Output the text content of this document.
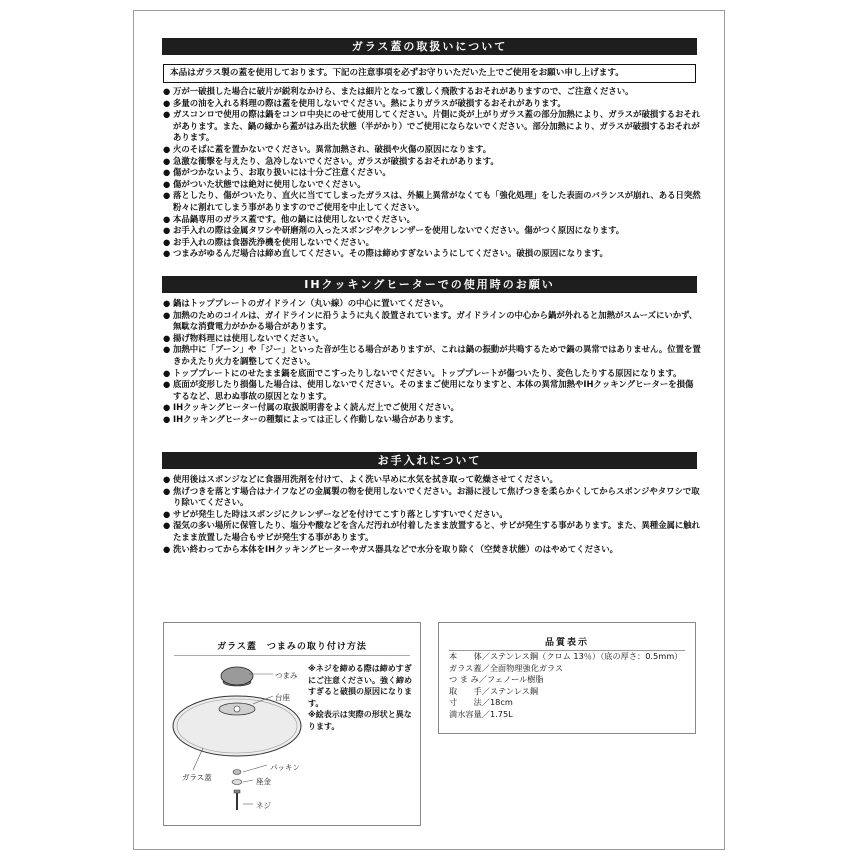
ガラス蓋の取扱いについて
本品はガラス製の蓋を使用しております。下記の注意事項を必ずお守りいただいた上でご使用をお願い申し上げます。
● 万が一破損した場合に破片が鋭利なかけら、または細片となって激しく飛散するおそれがありますので、ご注意ください。
● 多量の油を入れる料理の際は蓋を使用しないでください。熱によりガラスが破損するおそれがあります。
● ガスコンロで使用の際は鍋をコンロ中央にのせて使用してください。片側に炎が上がりガラス蓋の部分加熱により、ガラスが破損するおそれがあります。また、鍋の縁から蓋がはみ出た状態（半がかり）でご使用にならないでください。部分加熱により、ガラスが破損するおそれがあります。
● 火のそばに蓋を置かないでください。異常加熱され、破損や火傷の原因になります。
● 急激な衝撃を与えたり、急冷しないでください。ガラスが破損するおそれがあります。
● 傷がつかないよう、お取り扱いには十分ご注意ください。
● 傷がついた状態では絶対に使用しないでください。
● 落としたり、傷がついたり、直火に当ててしまったガラスは、外観上異常がなくても「強化処理」をした表面のバランスが崩れ、ある日突然粉々に割れてしまう事がありますのでご使用を中止してください。
● 本品鍋専用のガラス蓋です。他の鍋には使用しないでください。
● お手入れの際は金属タワシや研磨剤の入ったスポンジやクレンザーを使用しないでください。傷がつく原因になります。
● お手入れの際は食器洗浄機を使用しないでください。
● つまみがゆるんだ場合は締め直してください。その際は締めすぎないようにしてください。破損の原因になります。
IHクッキングヒーターでの使用時のお願い
● 鍋はトッププレートのガイドライン（丸い線）の中心に置いてください。
● 加熱のためのコイルは、ガイドラインに沿うように丸く設置されています。ガイドラインの中心から鍋が外れると加熱がスムーズにいかず、無駄な消費電力がかかる場合があります。
● 揚げ物料理には使用しないでください。
● 加熱中に「ブーン」や「ジー」といった音が生じる場合がありますが、これは鍋の振動が共鳴するためで鍋の異常ではありません。位置を置きかえたり火力を調整してください。
● トッププレートにのせたまま鍋を底面でこすったりしないでください。トッププレートが傷ついたり、変色したりする原因になります。
● 底面が変形したり損傷した場合は、使用しないでください。そのままご使用になりますと、本体の異常加熱やIHクッキングヒーターを損傷するなど、思わぬ事故の原因となります。
● IHクッキングヒーター付属の取扱説明書をよく読んだ上でご使用ください。
● IHクッキングヒーターの種類によっては正しく作動しない場合があります。
お手入れについて
● 使用後はスポンジなどに食器用洗剤を付けて、よく洗い早めに水気を拭き取って乾燥させてください。
● 焦げつきを落とす場合はナイフなどの金属製の物を使用しないでください。お湯に浸して焦げつきを柔らかくしてからスポンジやタワシで取り除いてください。
● サビが発生した時はスポンジにクレンザーなどを付けてこすり落としすすいでください。
● 湿気の多い場所に保管したり、塩分や酸などを含んだ汚れが付着したまま放置すると、サビが発生する事があります。また、異種金属に触れたまま放置した場合もサビが発生する事があります。
● 洗い終わってから本体をIHクッキングヒーターやガス器具などで水分を取り除く（空焚き状態）のはやめてください。
ガラス蓋　つまみの取り付け方法
つまみ
台座
ガラス蓋
パッキン
座金
ネジ

※ネジを締める際は締めすぎにご注意ください。強く締めすぎると破損の原因になります。

※絵表示は実際の形状と異なります。

品質表示
本　　体／ステンレス鋼（クロム 13％）（底の厚さ：0.5mm）
ガラス蓋／全面物理強化ガラス
つ ま み／フェノール樹脂
取　　手／ステンレス鋼
寸　　法／18cm
満水容量／1.75L
